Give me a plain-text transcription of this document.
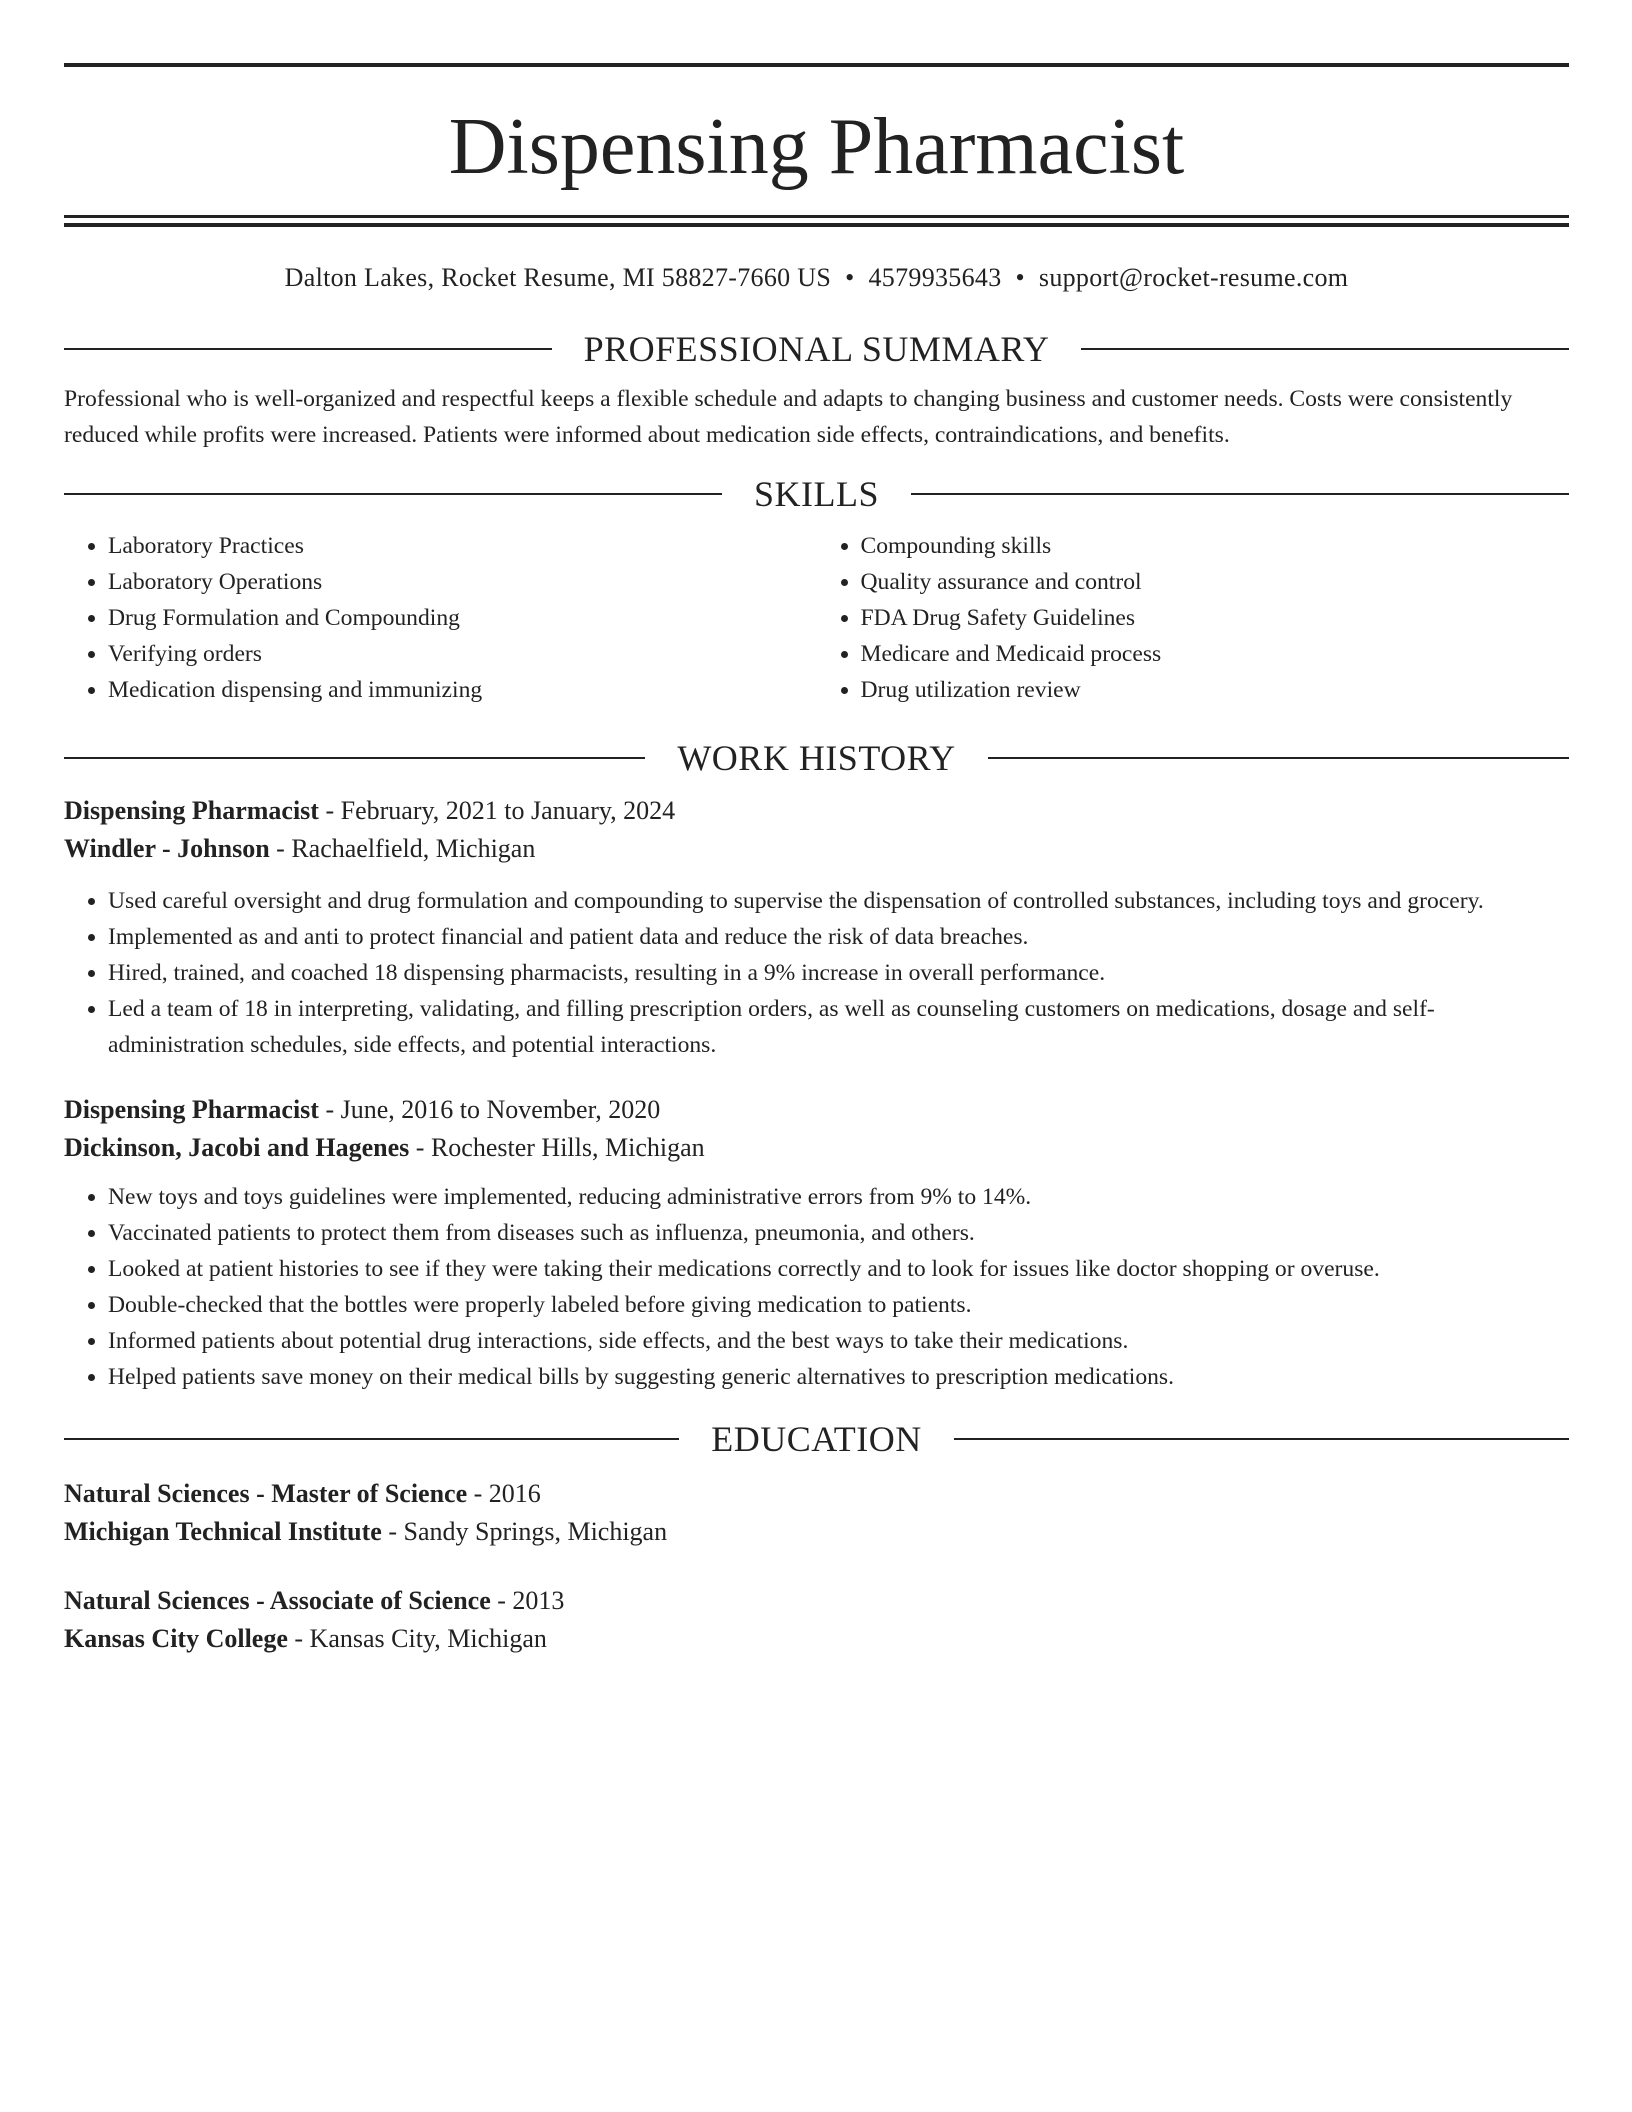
Dispensing Pharmacist
Dalton Lakes, Rocket Resume, MI 58827-7660 US • 4579935643 • support@rocket-resume.com
PROFESSIONAL SUMMARY

Professional who is well-organized and respectful keeps a flexible schedule and adapts to changing business and customer needs. Costs were consistently reduced while profits were increased. Patients were informed about medication side effects, contraindications, and benefits.

SKILLS
• Laboratory Practices
• Laboratory Operations
• Drug Formulation and Compounding
• Verifying orders
• Medication dispensing and immunizing
• Compounding skills
• Quality assurance and control
• FDA Drug Safety Guidelines
• Medicare and Medicaid process
• Drug utilization review
WORK HISTORY
Dispensing Pharmacist - February, 2021 to January, 2024
Windler - Johnson - Rachaelfield, Michigan
• Used careful oversight and drug formulation and compounding to supervise the dispensation of controlled substances, including toys and grocery.
• Implemented as and anti to protect financial and patient data and reduce the risk of data breaches.
• Hired, trained, and coached 18 dispensing pharmacists, resulting in a 9% increase in overall performance.
• Led a team of 18 in interpreting, validating, and filling prescription orders, as well as counseling customers on medications, dosage and self-administration schedules, side effects, and potential interactions.
Dispensing Pharmacist - June, 2016 to November, 2020
Dickinson, Jacobi and Hagenes - Rochester Hills, Michigan
• New toys and toys guidelines were implemented, reducing administrative errors from 9% to 14%.
• Vaccinated patients to protect them from diseases such as influenza, pneumonia, and others.
• Looked at patient histories to see if they were taking their medications correctly and to look for issues like doctor shopping or overuse.
• Double-checked that the bottles were properly labeled before giving medication to patients.
• Informed patients about potential drug interactions, side effects, and the best ways to take their medications.
• Helped patients save money on their medical bills by suggesting generic alternatives to prescription medications.
EDUCATION
Natural Sciences - Master of Science - 2016
Michigan Technical Institute - Sandy Springs, Michigan
Natural Sciences - Associate of Science - 2013
Kansas City College - Kansas City, Michigan
